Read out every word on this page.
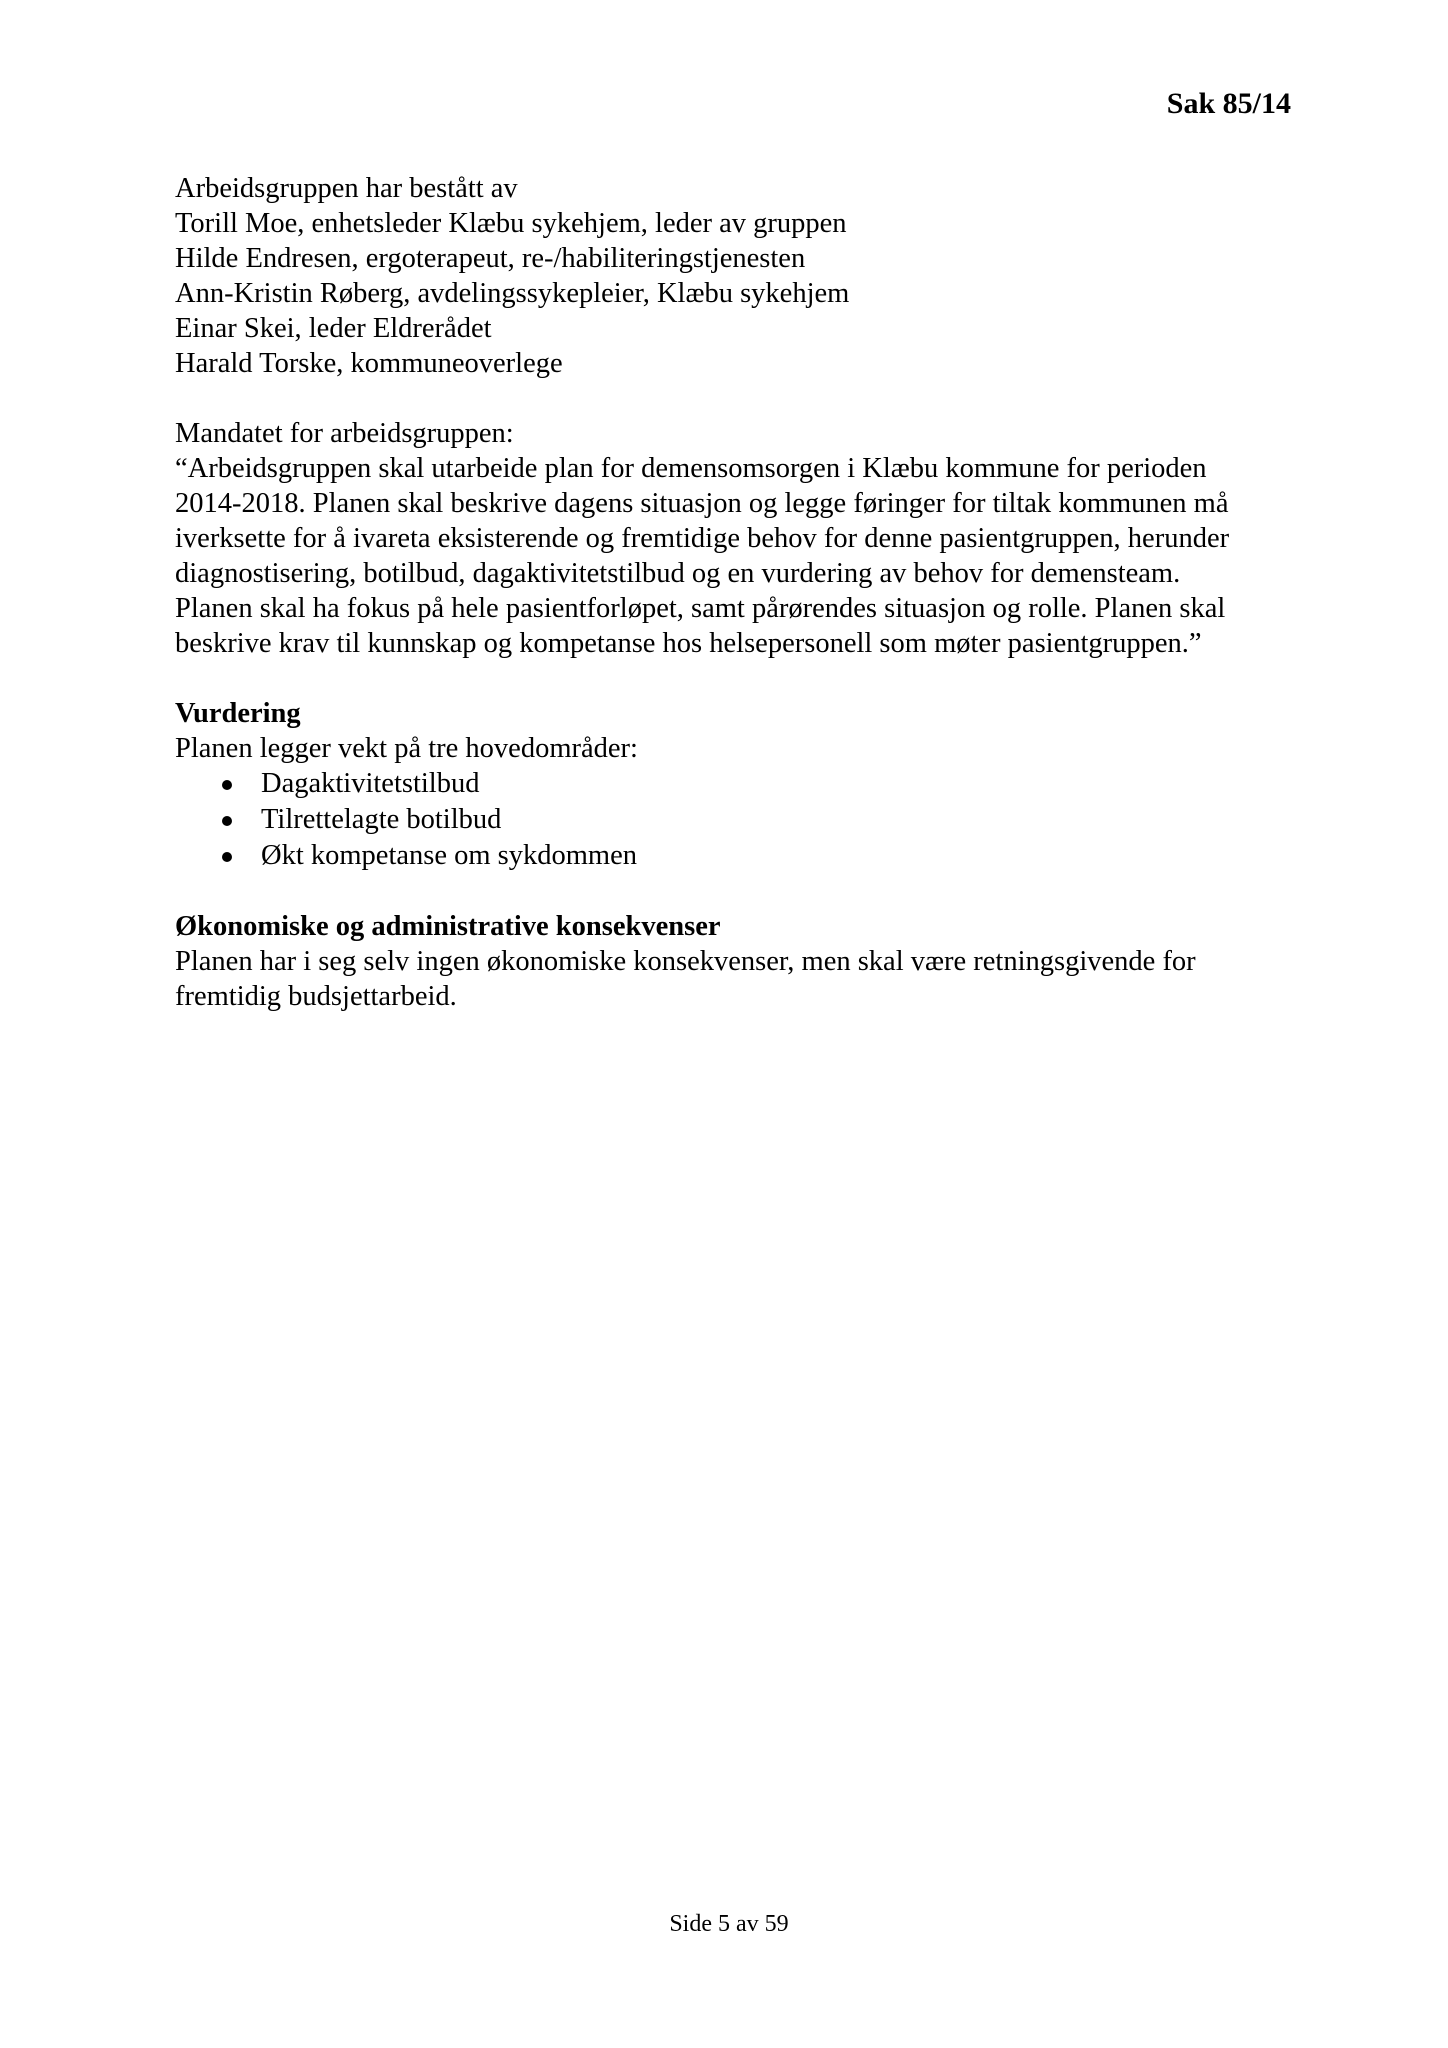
Sak 85/14
Arbeidsgruppen har bestått av
Torill Moe, enhetsleder Klæbu sykehjem, leder av gruppen
Hilde Endresen, ergoterapeut, re-/habiliteringstjenesten
Ann-Kristin Røberg, avdelingssykepleier, Klæbu sykehjem
Einar Skei, leder Eldrerådet
Harald Torske, kommuneoverlege
Mandatet for arbeidsgruppen:
“Arbeidsgruppen skal utarbeide plan for demensomsorgen i Klæbu kommune for perioden
2014-2018. Planen skal beskrive dagens situasjon og legge føringer for tiltak kommunen må
iverksette for å ivareta eksisterende og fremtidige behov for denne pasientgruppen, herunder
diagnostisering, botilbud, dagaktivitetstilbud og en vurdering av behov for demensteam.
Planen skal ha fokus på hele pasientforløpet, samt pårørendes situasjon og rolle. Planen skal
beskrive krav til kunnskap og kompetanse hos helsepersonell som møter pasientgruppen.”
Vurdering
Planen legger vekt på tre hovedområder:
Dagaktivitetstilbud
Tilrettelagte botilbud
Økt kompetanse om sykdommen
Økonomiske og administrative konsekvenser
Planen har i seg selv ingen økonomiske konsekvenser, men skal være retningsgivende for
fremtidig budsjettarbeid.
Side 5 av 59
